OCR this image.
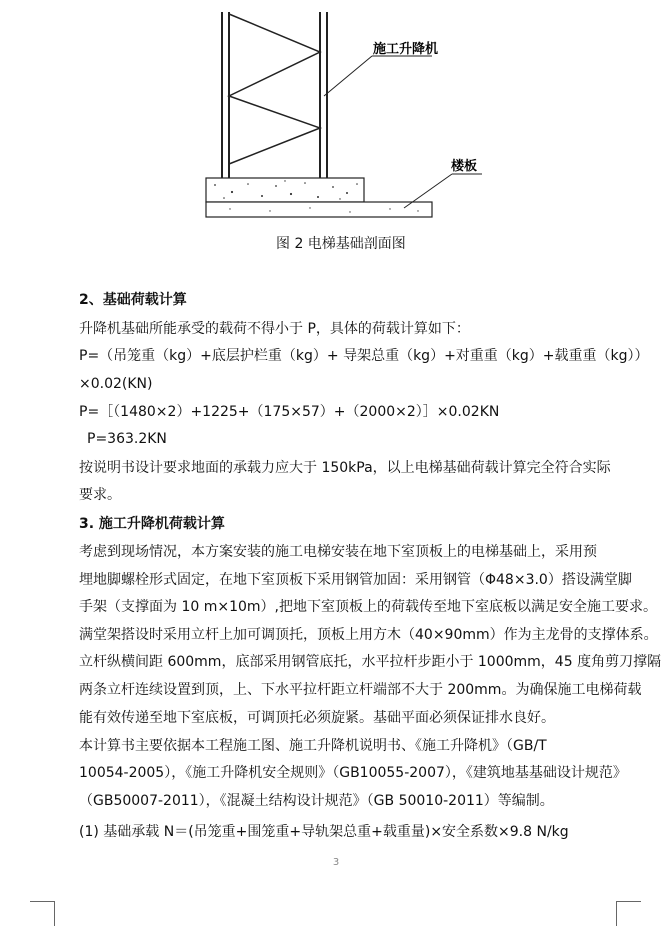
施工升降机
楼板

图 2 电梯基础剖面图

2、基础荷载计算

升降机基础所能承受的载荷不得小于 P，具体的荷载计算如下：

P=（吊笼重（kg）+底层护栏重（kg）+ 导架总重（kg）+对重重（kg）+载重重（kg））

×0.02(KN)

P=［（1480×2）+1225+（175×57）+（2000×2）］×0.02KN

P=363.2KN

按说明书设计要求地面的承载力应大于 150kPa，以上电梯基础荷载计算完全符合实际

要求。

3. 施工升降机荷载计算

考虑到现场情况，本方案安装的施工电梯安装在地下室顶板上的电梯基础上，采用预

埋地脚螺栓形式固定，在地下室顶板下采用钢管加固：采用钢管（Φ48×3.0）搭设满堂脚

手架（支撑面为 10 m×10m）,把地下室顶板上的荷载传至地下室底板以满足安全施工要求。

满堂架搭设时采用立杆上加可调顶托，顶板上用方木（40×90mm）作为主龙骨的支撑体系。

立杆纵横间距 600mm，底部采用钢管底托，水平拉杆步距小于 1000mm，45 度角剪刀撑隔

两条立杆连续设置到顶，上、下水平拉杆距立杆端部不大于 200mm。为确保施工电梯荷载

能有效传递至地下室底板，可调顶托必须旋紧。基础平面必须保证排水良好。

本计算书主要依据本工程施工图、施工升降机说明书、《施工升降机》（GB/T

10054-2005），《施工升降机安全规则》（GB10055-2007），《建筑地基基础设计规范》

（GB50007-2011），《混凝土结构设计规范》（GB 50010-2011）等编制。

(1) 基础承载 N＝(吊笼重+围笼重+导轨架总重+载重量)×安全系数×9.8 N/kg

3
